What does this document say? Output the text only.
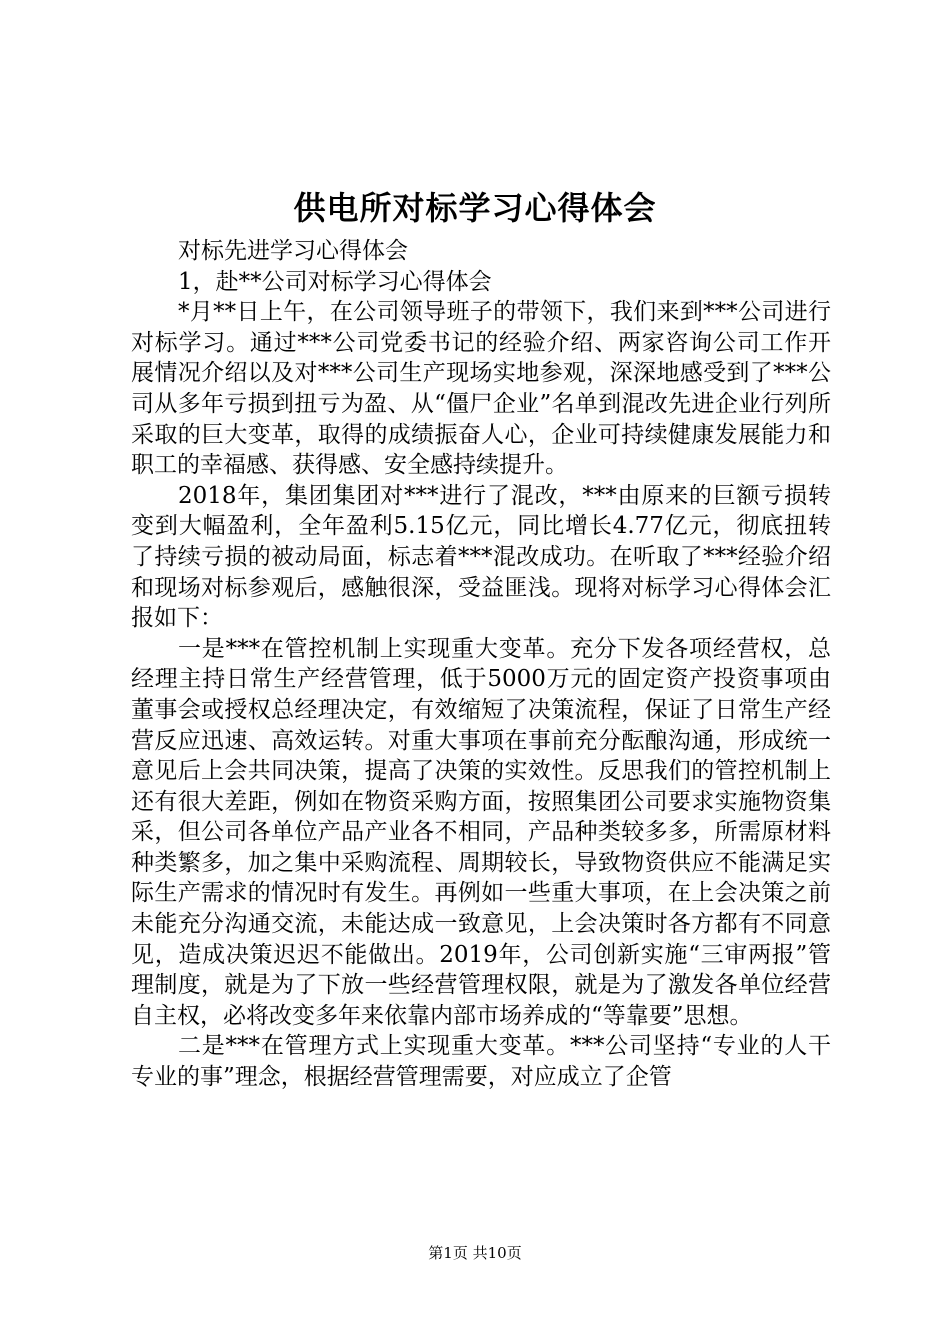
供电所对标学习心得体会

对标先进学习心得体会

1，赴**公司对标学习心得体会

*月**日上午，在公司领导班子的带领下，我们来到***公司进行对标学习。通过***公司党委书记的经验介绍、两家咨询公司工作开展情况介绍以及对***公司生产现场实地参观，深深地感受到了***公司从多年亏损到扭亏为盈、从“僵尸企业”名单到混改先进企业行列所采取的巨大变革，取得的成绩振奋人心，企业可持续健康发展能力和职工的幸福感、获得感、安全感持续提升。

2018年，集团集团对***进行了混改，***由原来的巨额亏损转变到大幅盈利，全年盈利5.15亿元，同比增长4.77亿元，彻底扭转了持续亏损的被动局面，标志着***混改成功。在听取了***经验介绍和现场对标参观后，感触很深，受益匪浅。现将对标学习心得体会汇报如下：

一是***在管控机制上实现重大变革。充分下发各项经营权，总经理主持日常生产经营管理，低于5000万元的固定资产投资事项由董事会或授权总经理决定，有效缩短了决策流程，保证了日常生产经营反应迅速、高效运转。对重大事项在事前充分酝酿沟通，形成统一意见后上会共同决策，提高了决策的实效性。反思我们的管控机制上还有很大差距，例如在物资采购方面，按照集团公司要求实施物资集采，但公司各单位产品产业各不相同，产品种类较多多，所需原材料种类繁多，加之集中采购流程、周期较长，导致物资供应不能满足实际生产需求的情况时有发生。再例如一些重大事项，在上会决策之前未能充分沟通交流，未能达成一致意见，上会决策时各方都有不同意见，造成决策迟迟不能做出。2019年，公司创新实施“三审两报”管理制度，就是为了下放一些经营管理权限，就是为了激发各单位经营自主权，必将改变多年来依靠内部市场养成的“等靠要”思想。

二是***在管理方式上实现重大变革。***公司坚持“专业的人干专业的事”理念，根据经营管理需要，对应成立了企管

第1页 共10页
